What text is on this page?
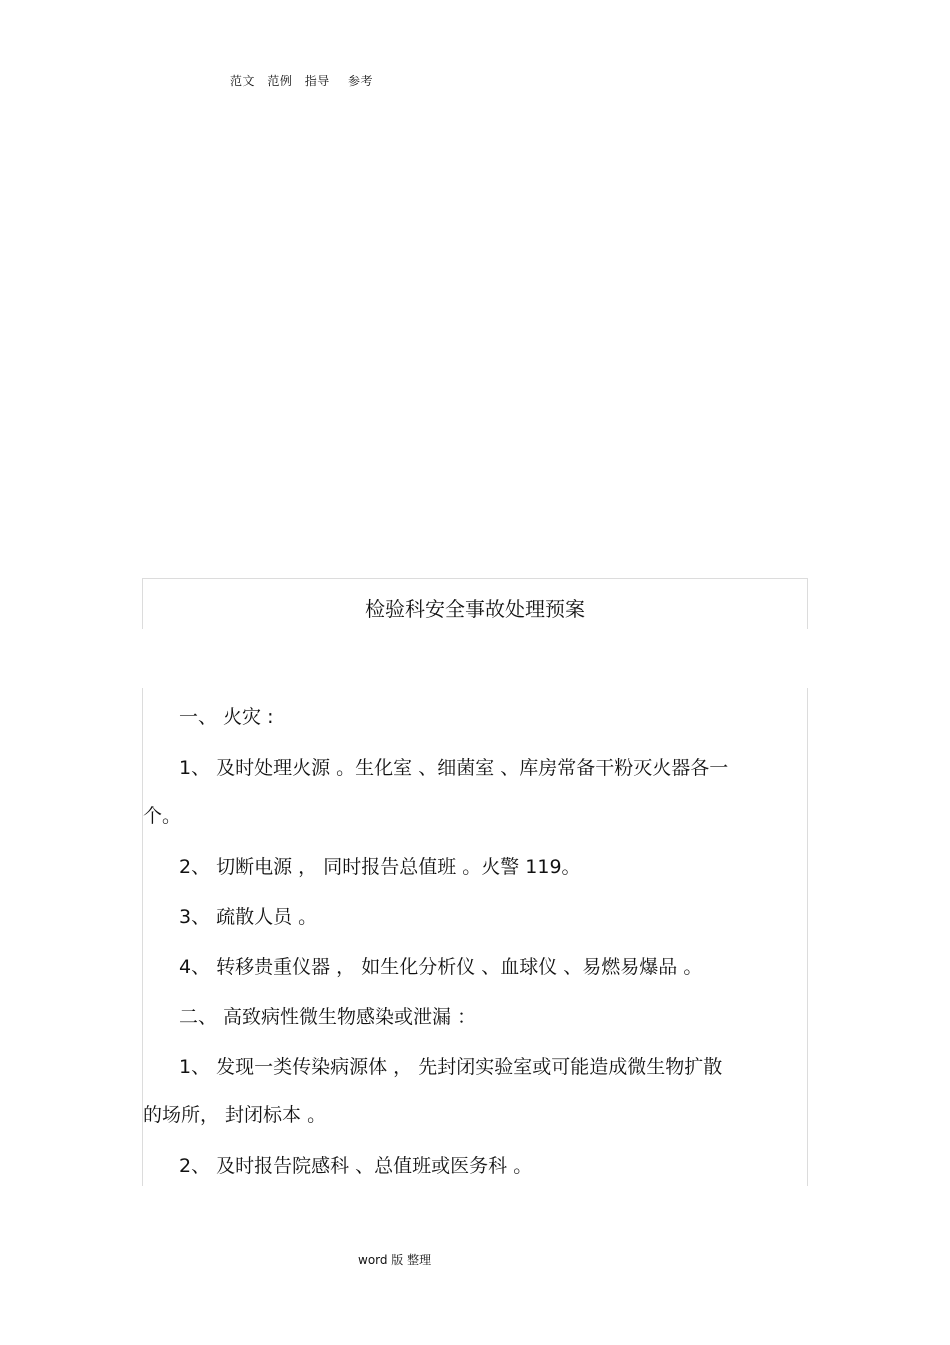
范文 范例 指导 参考
检验科安全事故处理预案
一、 火灾 :
1、 及时处理火源 。生化室 、细菌室 、库房常备干粉灭火器各一
个。
2、 切断电源 ， 同时报告总值班 。火警 119。
3、 疏散人员 。
4、 转移贵重仪器 ， 如生化分析仪 、血球仪 、易燃易爆品 。
二、 高致病性微生物感染或泄漏 ：
1、 发现一类传染病源体 ， 先封闭实验室或可能造成微生物扩散
的场所， 封闭标本 。
2、 及时报告院感科 、总值班或医务科 。
word 版 整理
